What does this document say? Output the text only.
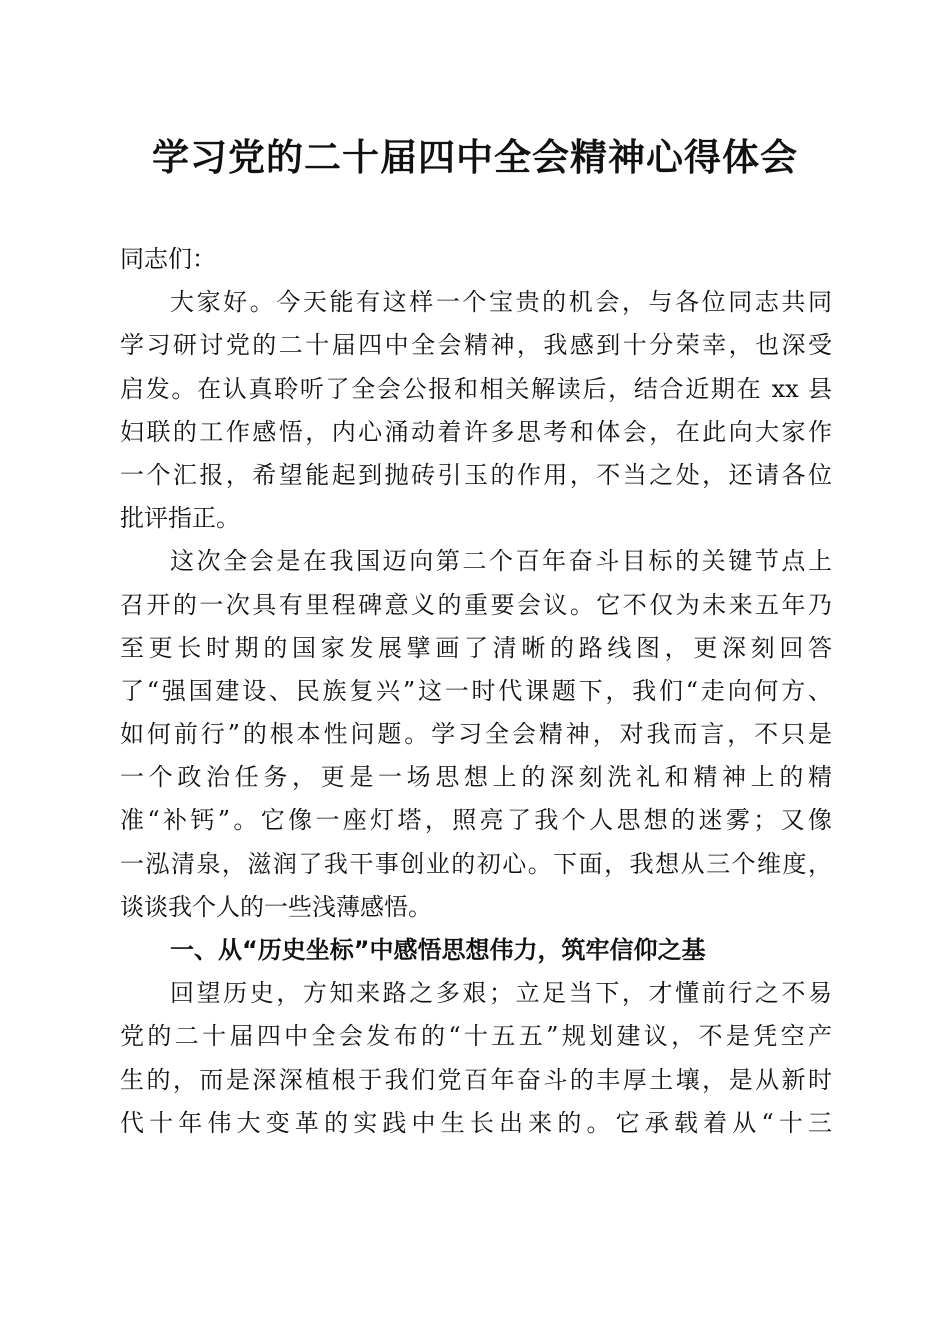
学习党的二十届四中全会精神心得体会
同志们：
大家好。今天能有这样一个宝贵的机会，与各位同志共同
学习研讨党的二十届四中全会精神，我感到十分荣幸，也深受
启发。在认真聆听了全会公报和相关解读后，结合近期在 xx 县
妇联的工作感悟，内心涌动着许多思考和体会，在此向大家作
一个汇报，希望能起到抛砖引玉的作用，不当之处，还请各位
批评指正。
这次全会是在我国迈向第二个百年奋斗目标的关键节点上
召开的一次具有里程碑意义的重要会议。它不仅为未来五年乃
至更长时期的国家发展擘画了清晰的路线图，更深刻回答
了“强国建设、民族复兴”这一时代课题下，我们“走向何方、
如何前行”的根本性问题。学习全会精神，对我而言，不只是
一个政治任务，更是一场思想上的深刻洗礼和精神上的精
准“补钙”。它像一座灯塔，照亮了我个人思想的迷雾；又像
一泓清泉，滋润了我干事创业的初心。下面，我想从三个维度，
谈谈我个人的一些浅薄感悟。
一、从“历史坐标”中感悟思想伟力，筑牢信仰之基
回望历史，方知来路之多艰；立足当下，才懂前行之不易
党的二十届四中全会发布的“十五五”规划建议，不是凭空产
生的，而是深深植根于我们党百年奋斗的丰厚土壤，是从新时
代十年伟大变革的实践中生长出来的。它承载着从“十三
